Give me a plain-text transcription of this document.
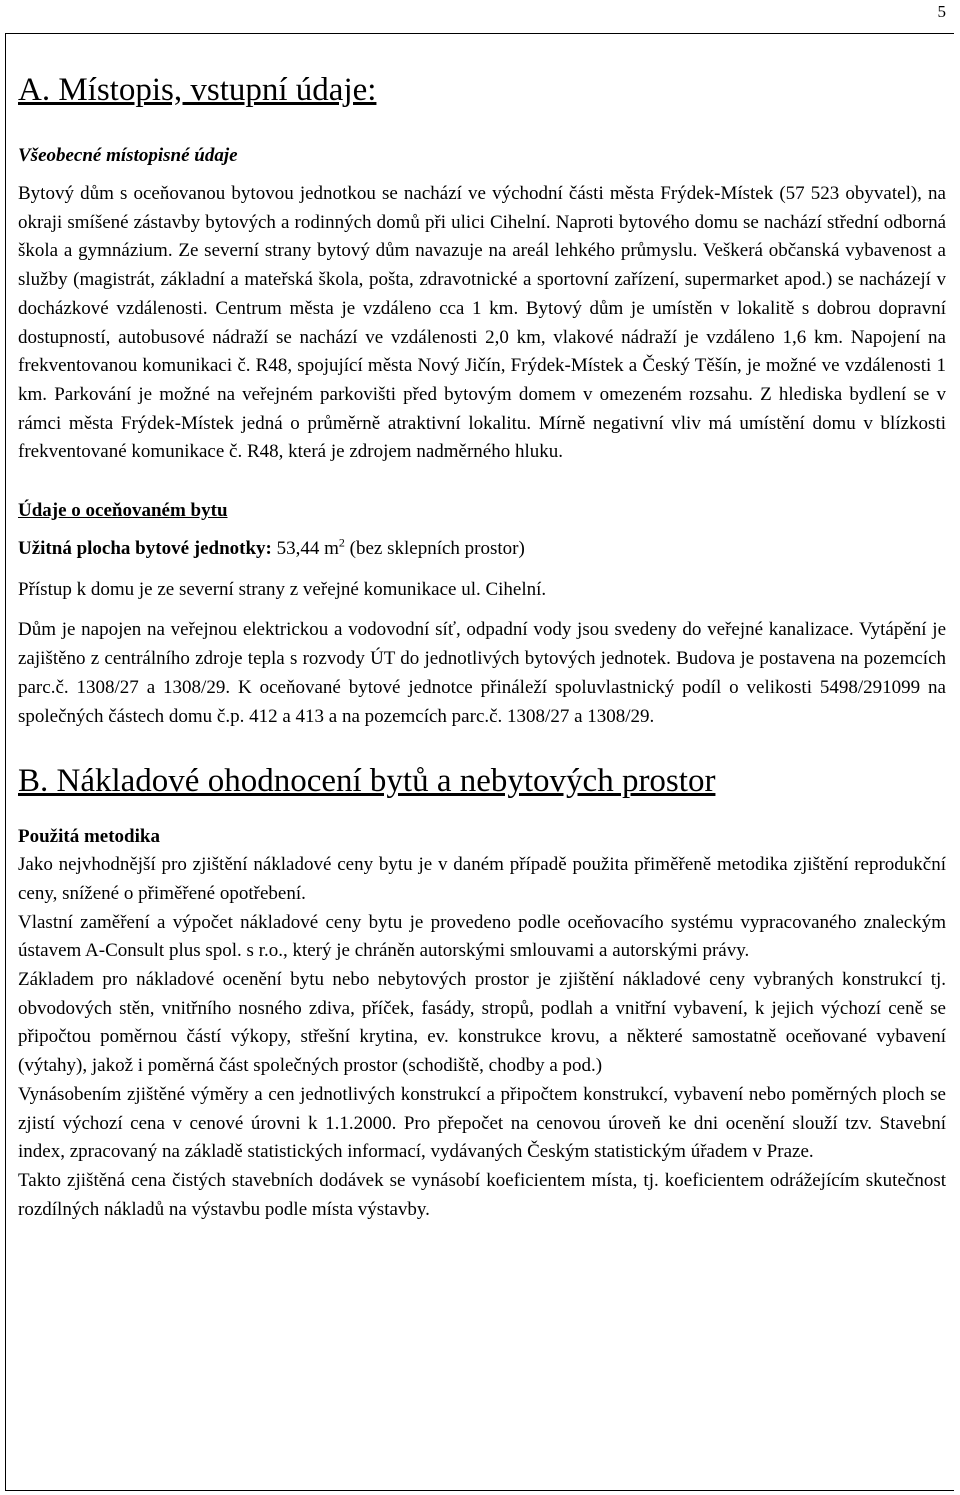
5
A. Místopis, vstupní údaje:
Všeobecné místopisné údaje

Bytový dům s oceňovanou bytovou jednotkou se nachází ve východní části města Frýdek-Místek (57 523 obyvatel), na okraji smíšené zástavby bytových a rodinných domů při ulici Cihelní. Naproti bytového domu se nachází střední odborná škola a gymnázium. Ze severní strany bytový dům navazuje na areál lehkého průmyslu. Veškerá občanská vybavenost a služby (magistrát, základní a mateřská škola, pošta, zdravotnické a sportovní zařízení, supermarket apod.) se nacházejí v docházkové vzdálenosti. Centrum města je vzdáleno cca 1 km. Bytový dům je umístěn v lokalitě s dobrou dopravní dostupností, autobusové nádraží se nachází ve vzdálenosti 2,0 km, vlakové nádraží je vzdáleno 1,6 km. Napojení na frekventovanou komunikaci č. R48, spojující města Nový Jičín, Frýdek-Místek a Český Těšín, je možné ve vzdálenosti 1 km. Parkování je možné na veřejném parkovišti před bytovým domem v omezeném rozsahu. Z hlediska bydlení se v rámci města Frýdek-Místek jedná o průměrně atraktivní lokalitu. Mírně negativní vliv má umístění domu v blízkosti frekventované komunikace č. R48, která je zdrojem nadměrného hluku.

Údaje o oceňovaném bytu

Užitná plocha bytové jednotky: 53,44 $m^2$ (bez sklepních prostor)

Přístup k domu je ze severní strany z veřejné komunikace ul. Cihelní.

Dům je napojen na veřejnou elektrickou a vodovodní síť, odpadní vody jsou svedeny do veřejné kanalizace. Vytápění je zajištěno z centrálního zdroje tepla s rozvody ÚT do jednotlivých bytových jednotek. Budova je postavena na pozemcích parc.č. 1308/27 a 1308/29. K oceňované bytové jednotce přináleží spoluvlastnický podíl o velikosti 5498/291099 na společných částech domu č.p. 412 a 413 a na pozemcích parc.č. 1308/27 a 1308/29.

B. Nákladové ohodnocení bytů a nebytových prostor
Použitá metodika

Jako nejvhodnější pro zjištění nákladové ceny bytu je v daném případě použita přiměřeně metodika zjištění reprodukční ceny, snížené o přiměřené opotřebení.

Vlastní zaměření a výpočet nákladové ceny bytu je provedeno podle oceňovacího systému vypracovaného znaleckým ústavem A-Consult plus spol. s r.o., který je chráněn autorskými smlouvami a autorskými právy.

Základem pro nákladové ocenění bytu nebo nebytových prostor je zjištění nákladové ceny vybraných konstrukcí tj. obvodových stěn, vnitřního nosného zdiva, příček, fasády, stropů, podlah a vnitřní vybavení, k jejich výchozí ceně se připočtou poměrnou částí výkopy, střešní krytina, ev. konstrukce krovu, a některé samostatně oceňované vybavení (výtahy), jakož i poměrná část společných prostor (schodiště, chodby a pod.)

Vynásobením zjištěné výměry a cen jednotlivých konstrukcí a připočtem konstrukcí, vybavení nebo poměrných ploch se zjistí výchozí cena v cenové úrovni k 1.1.2000. Pro přepočet na cenovou úroveň ke dni ocenění slouží tzv. Stavební index, zpracovaný na základě statistických informací, vydávaných Českým statistickým úřadem v Praze.

Takto zjištěná cena čistých stavebních dodávek se vynásobí koeficientem místa, tj. koeficientem odrážejícím skutečnost rozdílných nákladů na výstavbu podle místa výstavby.
